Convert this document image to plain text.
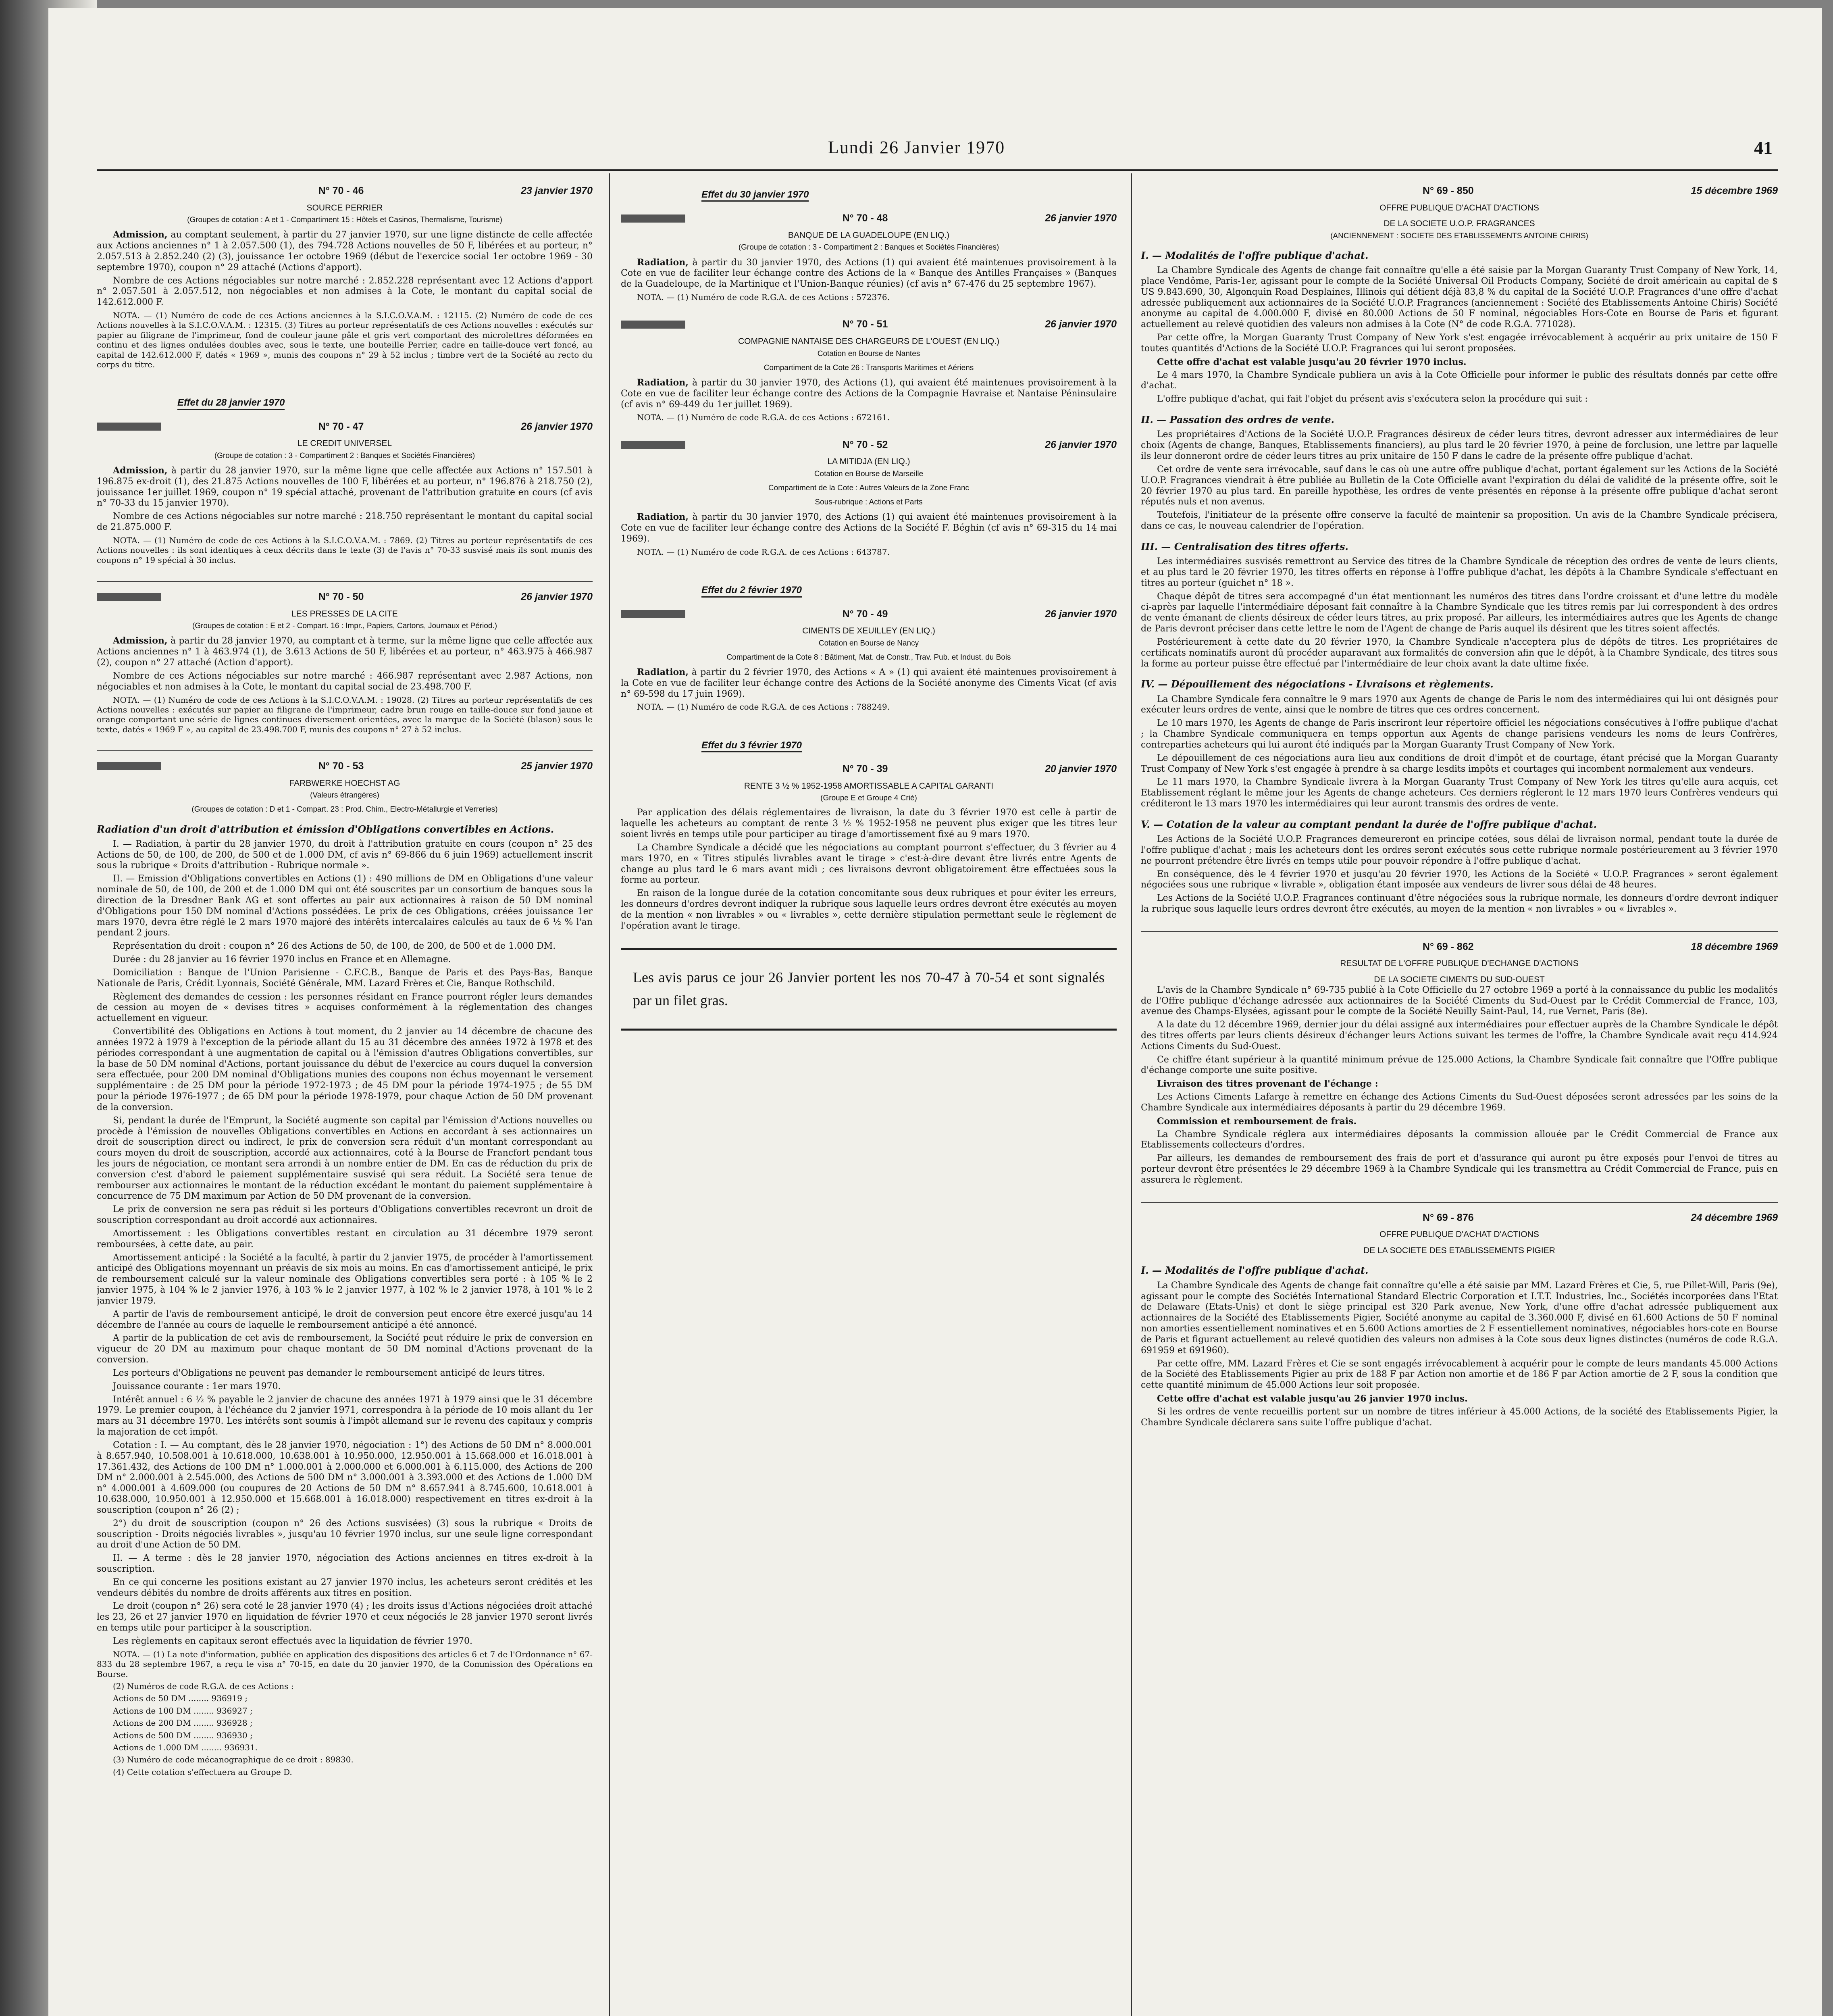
Lundi 26 Janvier 1970	41
N° 70 - 46	23 janvier 1970
SOURCE PERRIER
(Groupes de cotation : A et 1 - Compartiment 15 : Hôtels et Casinos, Thermalisme, Tourisme)

Admission, au comptant seulement, à partir du 27 janvier 1970, sur une ligne distincte de celle affectée aux Actions anciennes n° 1 à 2.057.500 (1), des 794.728 Actions nouvelles de 50 F, libérées et au porteur, n° 2.057.513 à 2.852.240 (2) (3), jouissance 1er octobre 1969 (début de l'exercice social 1er octobre 1969 - 30 septembre 1970), coupon n° 29 attaché (Actions d'apport).

Nombre de ces Actions négociables sur notre marché : 2.852.228 représentant avec 12 Actions d'apport n° 2.057.501 à 2.057.512, non négociables et non admises à la Cote, le montant du capital social de 142.612.000 F.

NOTA. — (1) Numéro de code de ces Actions anciennes à la S.I.C.O.V.A.M. : 12115. (2) Numéro de code de ces Actions nouvelles à la S.I.C.O.V.A.M. : 12315. (3) Titres au porteur représentatifs de ces Actions nouvelles : exécutés sur papier au filigrane de l'imprimeur, fond de couleur jaune pâle et gris vert comportant des microlettres déformées en continu et des lignes ondulées doubles avec, sous le texte, une bouteille Perrier, cadre en taille-douce vert foncé, au capital de 142.612.000 F, datés « 1969 », munis des coupons n° 29 à 52 inclus ; timbre vert de la Société au recto du corps du titre.

Effet du 28 janvier 1970
N° 70 - 47	26 janvier 1970
LE CREDIT UNIVERSEL
(Groupe de cotation : 3 - Compartiment 2 : Banques et Sociétés Financières)

Admission, à partir du 28 janvier 1970, sur la même ligne que celle affectée aux Actions n° 157.501 à 196.875 ex-droit (1), des 21.875 Actions nouvelles de 100 F, libérées et au porteur, n° 196.876 à 218.750 (2), jouissance 1er juillet 1969, coupon n° 19 spécial attaché, provenant de l'attribution gratuite en cours (cf avis n° 70-33 du 15 janvier 1970).

Nombre de ces Actions négociables sur notre marché : 218.750 représentant le montant du capital social de 21.875.000 F.

NOTA. — (1) Numéro de code de ces Actions à la S.I.C.O.V.A.M. : 7869. (2) Titres au porteur représentatifs de ces Actions nouvelles : ils sont identiques à ceux décrits dans le texte (3) de l'avis n° 70-33 susvisé mais ils sont munis des coupons n° 19 spécial à 30 inclus.

N° 70 - 50	26 janvier 1970
LES PRESSES DE LA CITE
(Groupes de cotation : E et 2 - Compart. 16 : Impr., Papiers, Cartons, Journaux et Périod.)

Admission, à partir du 28 janvier 1970, au comptant et à terme, sur la même ligne que celle affectée aux Actions anciennes n° 1 à 463.974 (1), de 3.613 Actions de 50 F, libérées et au porteur, n° 463.975 à 466.987 (2), coupon n° 27 attaché (Action d'apport).

Nombre de ces Actions négociables sur notre marché : 466.987 représentant avec 2.987 Actions, non négociables et non admises à la Cote, le montant du capital social de 23.498.700 F.

NOTA. — (1) Numéro de code de ces Actions à la S.I.C.O.V.A.M. : 19028. (2) Titres au porteur représentatifs de ces Actions nouvelles : exécutés sur papier au filigrane de l'imprimeur, cadre brun rouge en taille-douce sur fond jaune et orange comportant une série de lignes continues diversement orientées, avec la marque de la Société (blason) sous le texte, datés « 1969 F », au capital de 23.498.700 F, munis des coupons n° 27 à 52 inclus.

N° 70 - 53	25 janvier 1970
FARBWERKE HOECHST AG
(Valeurs étrangères)
(Groupes de cotation : D et 1 - Compart. 23 : Prod. Chim., Electro-Métallurgie et Verreries)
Radiation d'un droit d'attribution et émission d'Obligations convertibles en Actions.

I. — Radiation, à partir du 28 janvier 1970, du droit à l'attribution gratuite en cours (coupon n° 25 des Actions de 50, de 100, de 200, de 500 et de 1.000 DM, cf avis n° 69-866 du 6 juin 1969) actuellement inscrit sous la rubrique « Droits d'attribution - Rubrique normale ».

II. — Emission d'Obligations convertibles en Actions (1) : 490 millions de DM en Obligations d'une valeur nominale de 50, de 100, de 200 et de 1.000 DM qui ont été souscrites par un consortium de banques sous la direction de la Dresdner Bank AG et sont offertes au pair aux actionnaires à raison de 50 DM nominal d'Obligations pour 150 DM nominal d'Actions possédées. Le prix de ces Obligations, créées jouissance 1er mars 1970, devra être réglé le 2 mars 1970 majoré des intérêts intercalaires calculés au taux de 6 ½ % l'an pendant 2 jours.

Représentation du droit : coupon n° 26 des Actions de 50, de 100, de 200, de 500 et de 1.000 DM.

Durée : du 28 janvier au 16 février 1970 inclus en France et en Allemagne.

Domiciliation : Banque de l'Union Parisienne - C.F.C.B., Banque de Paris et des Pays-Bas, Banque Nationale de Paris, Crédit Lyonnais, Société Générale, MM. Lazard Frères et Cie, Banque Rothschild.

Règlement des demandes de cession : les personnes résidant en France pourront régler leurs demandes de cession au moyen de « devises titres » acquises conformément à la réglementation des changes actuellement en vigueur.

Convertibilité des Obligations en Actions à tout moment, du 2 janvier au 14 décembre de chacune des années 1972 à 1979 à l'exception de la période allant du 15 au 31 décembre des années 1972 à 1978 et des périodes correspondant à une augmentation de capital ou à l'émission d'autres Obligations convertibles, sur la base de 50 DM nominal d'Actions, portant jouissance du début de l'exercice au cours duquel la conversion sera effectuée, pour 200 DM nominal d'Obligations munies des coupons non échus moyennant le versement supplémentaire : de 25 DM pour la période 1972-1973 ; de 45 DM pour la période 1974-1975 ; de 55 DM pour la période 1976-1977 ; de 65 DM pour la période 1978-1979, pour chaque Action de 50 DM provenant de la conversion.

Si, pendant la durée de l'Emprunt, la Société augmente son capital par l'émission d'Actions nouvelles ou procède à l'émission de nouvelles Obligations convertibles en Actions en accordant à ses actionnaires un droit de souscription direct ou indirect, le prix de conversion sera réduit d'un montant correspondant au cours moyen du droit de souscription, accordé aux actionnaires, coté à la Bourse de Francfort pendant tous les jours de négociation, ce montant sera arrondi à un nombre entier de DM. En cas de réduction du prix de conversion c'est d'abord le paiement supplémentaire susvisé qui sera réduit. La Société sera tenue de rembourser aux actionnaires le montant de la réduction excédant le montant du paiement supplémentaire à concurrence de 75 DM maximum par Action de 50 DM provenant de la conversion.

Le prix de conversion ne sera pas réduit si les porteurs d'Obligations convertibles recevront un droit de souscription correspondant au droit accordé aux actionnaires.

Amortissement : les Obligations convertibles restant en circulation au 31 décembre 1979 seront remboursées, à cette date, au pair.

Amortissement anticipé : la Société a la faculté, à partir du 2 janvier 1975, de procéder à l'amortissement anticipé des Obligations moyennant un préavis de six mois au moins. En cas d'amortissement anticipé, le prix de remboursement calculé sur la valeur nominale des Obligations convertibles sera porté : à 105 % le 2 janvier 1975, à 104 % le 2 janvier 1976, à 103 % le 2 janvier 1977, à 102 % le 2 janvier 1978, à 101 % le 2 janvier 1979.

A partir de l'avis de remboursement anticipé, le droit de conversion peut encore être exercé jusqu'au 14 décembre de l'année au cours de laquelle le remboursement anticipé a été annoncé.

A partir de la publication de cet avis de remboursement, la Société peut réduire le prix de conversion en vigueur de 20 DM au maximum pour chaque montant de 50 DM nominal d'Actions provenant de la conversion.

Les porteurs d'Obligations ne peuvent pas demander le remboursement anticipé de leurs titres.

Jouissance courante : 1er mars 1970.

Intérêt annuel : 6 ½ % payable le 2 janvier de chacune des années 1971 à 1979 ainsi que le 31 décembre 1979. Le premier coupon, à l'échéance du 2 janvier 1971, correspondra à la période de 10 mois allant du 1er mars au 31 décembre 1970. Les intérêts sont soumis à l'impôt allemand sur le revenu des capitaux y compris la majoration de cet impôt.

Cotation : I. — Au comptant, dès le 28 janvier 1970, négociation : 1°) des Actions de 50 DM n° 8.000.001 à 8.657.940, 10.508.001 à 10.618.000, 10.638.001 à 10.950.000, 12.950.001 à 15.668.000 et 16.018.001 à 17.361.432, des Actions de 100 DM n° 1.000.001 à 2.000.000 et 6.000.001 à 6.115.000, des Actions de 200 DM n° 2.000.001 à 2.545.000, des Actions de 500 DM n° 3.000.001 à 3.393.000 et des Actions de 1.000 DM n° 4.000.001 à 4.609.000 (ou coupures de 20 Actions de 50 DM n° 8.657.941 à 8.745.600, 10.618.001 à 10.638.000, 10.950.001 à 12.950.000 et 15.668.001 à 16.018.000) respectivement en titres ex-droit à la souscription (coupon n° 26 (2) ;

2°) du droit de souscription (coupon n° 26 des Actions susvisées) (3) sous la rubrique « Droits de souscription - Droits négociés livrables », jusqu'au 10 février 1970 inclus, sur une seule ligne correspondant au droit d'une Action de 50 DM.

II. — A terme : dès le 28 janvier 1970, négociation des Actions anciennes en titres ex-droit à la souscription.

En ce qui concerne les positions existant au 27 janvier 1970 inclus, les acheteurs seront crédités et les vendeurs débités du nombre de droits afférents aux titres en position.

Le droit (coupon n° 26) sera coté le 28 janvier 1970 (4) ; les droits issus d'Actions négociées droit attaché les 23, 26 et 27 janvier 1970 en liquidation de février 1970 et ceux négociés le 28 janvier 1970 seront livrés en temps utile pour participer à la souscription.

Les règlements en capitaux seront effectués avec la liquidation de février 1970.

NOTA. — (1) La note d'information, publiée en application des dispositions des articles 6 et 7 de l'Ordonnance n° 67-833 du 28 septembre 1967, a reçu le visa n° 70-15, en date du 20 janvier 1970, de la Commission des Opérations en Bourse.

(2) Numéros de code R.G.A. de ces Actions :

Actions de 50 DM ........ 936919 ;

Actions de 100 DM ........ 936927 ;

Actions de 200 DM ........ 936928 ;

Actions de 500 DM ........ 936930 ;

Actions de 1.000 DM ........ 936931.

(3) Numéro de code mécanographique de ce droit : 89830.

(4) Cette cotation s'effectuera au Groupe D.

Effet du 30 janvier 1970
N° 70 - 48	26 janvier 1970
BANQUE DE LA GUADELOUPE (EN LIQ.)
(Groupe de cotation : 3 - Compartiment 2 : Banques et Sociétés Financières)

Radiation, à partir du 30 janvier 1970, des Actions (1) qui avaient été maintenues provisoirement à la Cote en vue de faciliter leur échange contre des Actions de la « Banque des Antilles Françaises » (Banques de la Guadeloupe, de la Martinique et l'Union-Banque réunies) (cf avis n° 67-476 du 25 septembre 1967).

NOTA. — (1) Numéro de code R.G.A. de ces Actions : 572376.

N° 70 - 51	26 janvier 1970
COMPAGNIE NANTAISE DES CHARGEURS DE L'OUEST (EN LIQ.)
Cotation en Bourse de Nantes
Compartiment de la Cote 26 : Transports Maritimes et Aériens

Radiation, à partir du 30 janvier 1970, des Actions (1), qui avaient été maintenues provisoirement à la Cote en vue de faciliter leur échange contre des Actions de la Compagnie Havraise et Nantaise Péninsulaire (cf avis n° 69-449 du 1er juillet 1969).

NOTA. — (1) Numéro de code R.G.A. de ces Actions : 672161.

N° 70 - 52	26 janvier 1970
LA MITIDJA (EN LIQ.)
Cotation en Bourse de Marseille
Compartiment de la Cote : Autres Valeurs de la Zone Franc
Sous-rubrique : Actions et Parts

Radiation, à partir du 30 janvier 1970, des Actions (1) qui avaient été maintenues provisoirement à la Cote en vue de faciliter leur échange contre des Actions de la Société F. Béghin (cf avis n° 69-315 du 14 mai 1969).

NOTA. — (1) Numéro de code R.G.A. de ces Actions : 643787.

Effet du 2 février 1970
N° 70 - 49	26 janvier 1970
CIMENTS DE XEUILLEY (EN LIQ.)
Cotation en Bourse de Nancy
Compartiment de la Cote 8 : Bâtiment, Mat. de Constr., Trav. Pub. et Indust. du Bois

Radiation, à partir du 2 février 1970, des Actions « A » (1) qui avaient été maintenues provisoirement à la Cote en vue de faciliter leur échange contre des Actions de la Société anonyme des Ciments Vicat (cf avis n° 69-598 du 17 juin 1969).

NOTA. — (1) Numéro de code R.G.A. de ces Actions : 788249.

Effet du 3 février 1970
N° 70 - 39	20 janvier 1970
RENTE 3 ½ % 1952-1958 AMORTISSABLE A CAPITAL GARANTI
(Groupe E et Groupe 4 Crié)

Par application des délais réglementaires de livraison, la date du 3 février 1970 est celle à partir de laquelle les acheteurs au comptant de rente 3 ½ % 1952-1958 ne peuvent plus exiger que les titres leur soient livrés en temps utile pour participer au tirage d'amortissement fixé au 9 mars 1970.

La Chambre Syndicale a décidé que les négociations au comptant pourront s'effectuer, du 3 février au 4 mars 1970, en « Titres stipulés livrables avant le tirage » c'est-à-dire devant être livrés entre Agents de change au plus tard le 6 mars avant midi ; ces livraisons devront obligatoirement être effectuées sous la forme au porteur.

En raison de la longue durée de la cotation concomitante sous deux rubriques et pour éviter les erreurs, les donneurs d'ordres devront indiquer la rubrique sous laquelle leurs ordres devront être exécutés au moyen de la mention « non livrables » ou « livrables », cette dernière stipulation permettant seule le règlement de l'opération avant le tirage.

Les avis parus ce jour 26 Janvier portent les nos 70-47 à 70-54 et sont signalés par un filet gras.
N° 69 - 850	15 décembre 1969
OFFRE PUBLIQUE D'ACHAT D'ACTIONS
DE LA SOCIETE U.O.P. FRAGRANCES
(ANCIENNEMENT : SOCIETE DES ETABLISSEMENTS ANTOINE CHIRIS)
I. — Modalités de l'offre publique d'achat.

La Chambre Syndicale des Agents de change fait connaître qu'elle a été saisie par la Morgan Guaranty Trust Company of New York, 14, place Vendôme, Paris-1er, agissant pour le compte de la Société Universal Oil Products Company, Société de droit américain au capital de $ US 9.843.690, 30, Algonquin Road Desplaines, Illinois qui détient déjà 83,8 % du capital de la Société U.O.P. Fragrances d'une offre d'achat adressée publiquement aux actionnaires de la Société U.O.P. Fragrances (anciennement : Société des Etablissements Antoine Chiris) Société anonyme au capital de 4.000.000 F, divisé en 80.000 Actions de 50 F nominal, négociables Hors-Cote en Bourse de Paris et figurant actuellement au relevé quotidien des valeurs non admises à la Cote (N° de code R.G.A. 771028).

Par cette offre, la Morgan Guaranty Trust Company of New York s'est engagée irrévocablement à acquérir au prix unitaire de 150 F toutes quantités d'Actions de la Société U.O.P. Fragrances qui lui seront proposées.

Cette offre d'achat est valable jusqu'au 20 février 1970 inclus.

Le 4 mars 1970, la Chambre Syndicale publiera un avis à la Cote Officielle pour informer le public des résultats donnés par cette offre d'achat.

L'offre publique d'achat, qui fait l'objet du présent avis s'exécutera selon la procédure qui suit :

II. — Passation des ordres de vente.

Les propriétaires d'Actions de la Société U.O.P. Fragrances désireux de céder leurs titres, devront adresser aux intermédiaires de leur choix (Agents de change, Banques, Etablissements financiers), au plus tard le 20 février 1970, à peine de forclusion, une lettre par laquelle ils leur donneront ordre de céder leurs titres au prix unitaire de 150 F dans le cadre de la présente offre publique d'achat.

Cet ordre de vente sera irrévocable, sauf dans le cas où une autre offre publique d'achat, portant également sur les Actions de la Société U.O.P. Fragrances viendrait à être publiée au Bulletin de la Cote Officielle avant l'expiration du délai de validité de la présente offre, soit le 20 février 1970 au plus tard. En pareille hypothèse, les ordres de vente présentés en réponse à la présente offre publique d'achat seront réputés nuls et non avenus.

Toutefois, l'initiateur de la présente offre conserve la faculté de maintenir sa proposition. Un avis de la Chambre Syndicale précisera, dans ce cas, le nouveau calendrier de l'opération.

III. — Centralisation des titres offerts.

Les intermédiaires susvisés remettront au Service des titres de la Chambre Syndicale de réception des ordres de vente de leurs clients, et au plus tard le 20 février 1970, les titres offerts en réponse à l'offre publique d'achat, les dépôts à la Chambre Syndicale s'effectuant en titres au porteur (guichet n° 18 ».

Chaque dépôt de titres sera accompagné d'un état mentionnant les numéros des titres dans l'ordre croissant et d'une lettre du modèle ci-après par laquelle l'intermédiaire déposant fait connaître à la Chambre Syndicale que les titres remis par lui correspondent à des ordres de vente émanant de clients désireux de céder leurs titres, au prix proposé. Par ailleurs, les intermédiaires autres que les Agents de change de Paris devront préciser dans cette lettre le nom de l'Agent de change de Paris auquel ils désirent que les titres soient affectés.

Postérieurement à cette date du 20 février 1970, la Chambre Syndicale n'acceptera plus de dépôts de titres. Les propriétaires de certificats nominatifs auront dû procéder auparavant aux formalités de conversion afin que le dépôt, à la Chambre Syndicale, des titres sous la forme au porteur puisse être effectué par l'intermédiaire de leur choix avant la date ultime fixée.

IV. — Dépouillement des négociations - Livraisons et règlements.

La Chambre Syndicale fera connaître le 9 mars 1970 aux Agents de change de Paris le nom des intermédiaires qui lui ont désignés pour exécuter leurs ordres de vente, ainsi que le nombre de titres que ces ordres concernent.

Le 10 mars 1970, les Agents de change de Paris inscriront leur répertoire officiel les négociations consécutives à l'offre publique d'achat ; la Chambre Syndicale communiquera en temps opportun aux Agents de change parisiens vendeurs les noms de leurs Confrères, contreparties acheteurs qui lui auront été indiqués par la Morgan Guaranty Trust Company of New York.

Le dépouillement de ces négociations aura lieu aux conditions de droit d'impôt et de courtage, étant précisé que la Morgan Guaranty Trust Company of New York s'est engagée à prendre à sa charge lesdits impôts et courtages qui incombent normalement aux vendeurs.

Le 11 mars 1970, la Chambre Syndicale livrera à la Morgan Guaranty Trust Company of New York les titres qu'elle aura acquis, cet Etablissement réglant le même jour les Agents de change acheteurs. Ces derniers régleront le 12 mars 1970 leurs Confrères vendeurs qui créditeront le 13 mars 1970 les intermédiaires qui leur auront transmis des ordres de vente.

V. — Cotation de la valeur au comptant pendant la durée de l'offre publique d'achat.

Les Actions de la Société U.O.P. Fragrances demeureront en principe cotées, sous délai de livraison normal, pendant toute la durée de l'offre publique d'achat ; mais les acheteurs dont les ordres seront exécutés sous cette rubrique normale postérieurement au 3 février 1970 ne pourront prétendre être livrés en temps utile pour pouvoir répondre à l'offre publique d'achat.

En conséquence, dès le 4 février 1970 et jusqu'au 20 février 1970, les Actions de la Société « U.O.P. Fragrances » seront également négociées sous une rubrique « livrable », obligation étant imposée aux vendeurs de livrer sous délai de 48 heures.

Les Actions de la Société U.O.P. Fragrances continuant d'être négociées sous la rubrique normale, les donneurs d'ordre devront indiquer la rubrique sous laquelle leurs ordres devront être exécutés, au moyen de la mention « non livrables » ou « livrables ».

N° 69 - 862	18 décembre 1969
RESULTAT DE L'OFFRE PUBLIQUE D'ECHANGE D'ACTIONS
DE LA SOCIETE CIMENTS DU SUD-OUEST

L'avis de la Chambre Syndicale n° 69-735 publié à la Cote Officielle du 27 octobre 1969 a porté à la connaissance du public les modalités de l'Offre publique d'échange adressée aux actionnaires de la Société Ciments du Sud-Ouest par le Crédit Commercial de France, 103, avenue des Champs-Elysées, agissant pour le compte de la Société Neuilly Saint-Paul, 14, rue Vernet, Paris (8e).

A la date du 12 décembre 1969, dernier jour du délai assigné aux intermédiaires pour effectuer auprès de la Chambre Syndicale le dépôt des titres offerts par leurs clients désireux d'échanger leurs Actions suivant les termes de l'offre, la Chambre Syndicale avait reçu 414.924 Actions Ciments du Sud-Ouest.

Ce chiffre étant supérieur à la quantité minimum prévue de 125.000 Actions, la Chambre Syndicale fait connaître que l'Offre publique d'échange comporte une suite positive.

Livraison des titres provenant de l'échange :

Les Actions Ciments Lafarge à remettre en échange des Actions Ciments du Sud-Ouest déposées seront adressées par les soins de la Chambre Syndicale aux intermédiaires déposants à partir du 29 décembre 1969.

Commission et remboursement de frais.

La Chambre Syndicale réglera aux intermédiaires déposants la commission allouée par le Crédit Commercial de France aux Etablissements collecteurs d'ordres.

Par ailleurs, les demandes de remboursement des frais de port et d'assurance qui auront pu être exposés pour l'envoi de titres au porteur devront être présentées le 29 décembre 1969 à la Chambre Syndicale qui les transmettra au Crédit Commercial de France, puis en assurera le règlement.

N° 69 - 876	24 décembre 1969
OFFRE PUBLIQUE D'ACHAT D'ACTIONS
DE LA SOCIETE DES ETABLISSEMENTS PIGIER
I. — Modalités de l'offre publique d'achat.

La Chambre Syndicale des Agents de change fait connaître qu'elle a été saisie par MM. Lazard Frères et Cie, 5, rue Pillet-Will, Paris (9e), agissant pour le compte des Sociétés International Standard Electric Corporation et I.T.T. Industries, Inc., Sociétés incorporées dans l'Etat de Delaware (Etats-Unis) et dont le siège principal est 320 Park avenue, New York, d'une offre d'achat adressée publiquement aux actionnaires de la Société des Etablissements Pigier, Société anonyme au capital de 3.360.000 F, divisé en 61.600 Actions de 50 F nominal non amorties essentiellement nominatives et en 5.600 Actions amorties de 2 F essentiellement nominatives, négociables hors-cote en Bourse de Paris et figurant actuellement au relevé quotidien des valeurs non admises à la Cote sous deux lignes distinctes (numéros de code R.G.A. 691959 et 691960).

Par cette offre, MM. Lazard Frères et Cie se sont engagés irrévocablement à acquérir pour le compte de leurs mandants 45.000 Actions de la Société des Etablissements Pigier au prix de 188 F par Action non amortie et de 186 F par Action amortie de 2 F, sous la condition que cette quantité minimum de 45.000 Actions leur soit proposée.

Cette offre d'achat est valable jusqu'au 26 janvier 1970 inclus.

Si les ordres de vente recueillis portent sur un nombre de titres inférieur à 45.000 Actions, de la société des Etablissements Pigier, la Chambre Syndicale déclarera sans suite l'offre publique d'achat.
